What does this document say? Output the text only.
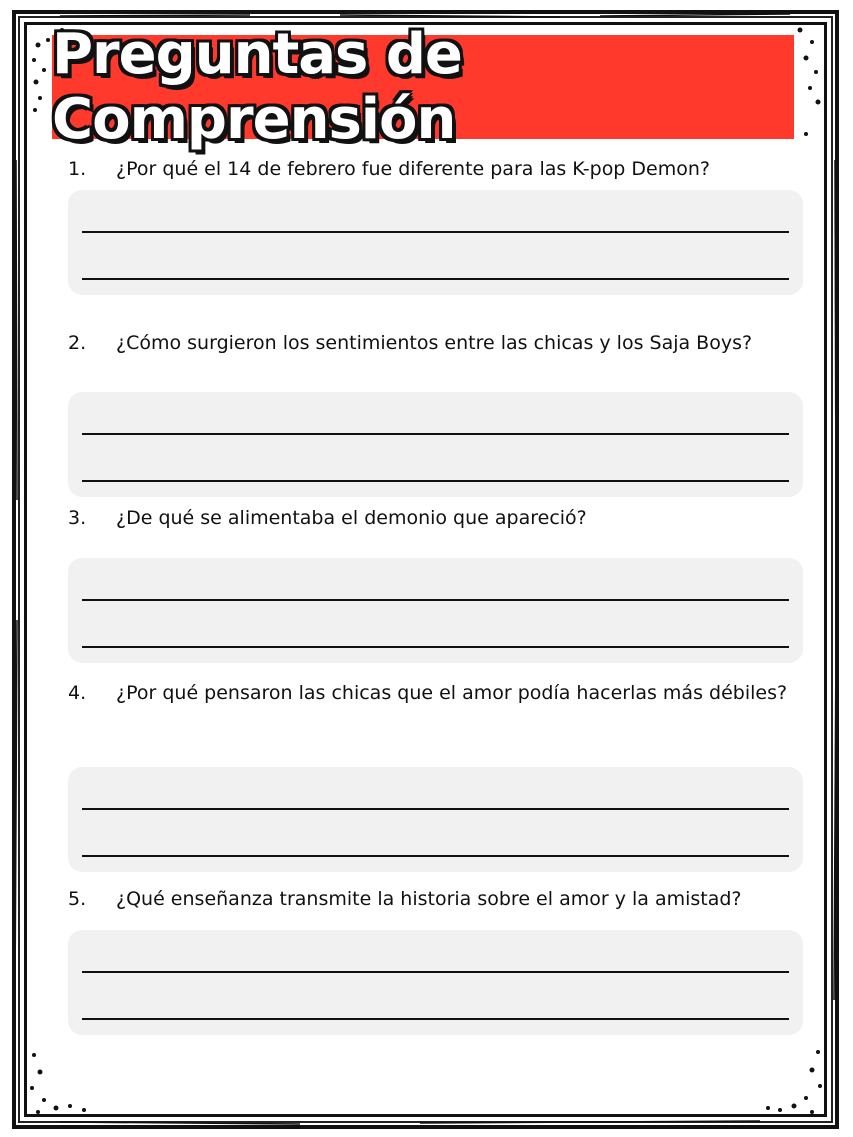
Preguntas de Comprensión
1. ¿Por qué el 14 de febrero fue diferente para las K-pop Demon?
2. ¿Cómo surgieron los sentimientos entre las chicas y los Saja Boys?
3. ¿De qué se alimentaba el demonio que apareció?
4. ¿Por qué pensaron las chicas que el amor podía hacerlas más débiles?
5. ¿Qué enseñanza transmite la historia sobre el amor y la amistad?
